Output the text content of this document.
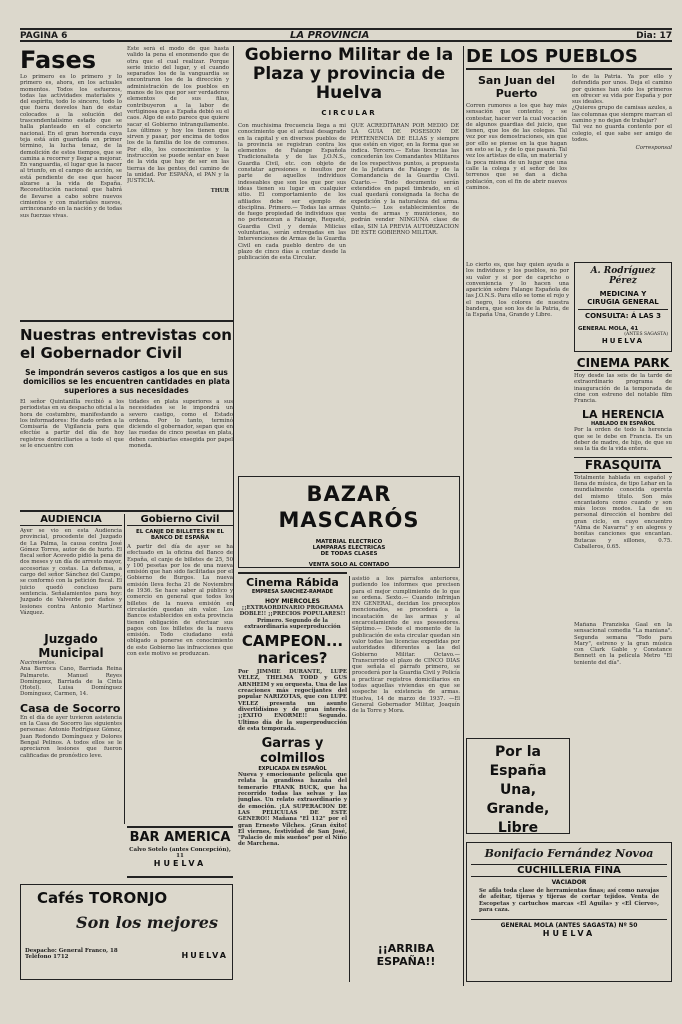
PAGINA 6	LA PROVINCIA	Dia: 17
Fases
Lo primero es lo primero y lo primero es, ahora, en los actuales momentos. Todos los esfuerzos, todas las actividades materiales y del espíritu, todo lo sincero, todo lo que fuera desvelos han de estar colocados a la solución del trascendentalísimo estado que se halla planteado en el concierto nacional. En el gran horrenda cuya teja está aún guardada en primer término, la lucha tenaz, de la demolición de estos tiempos, que se camina a recorrer y llegar a mejorar. En vanguardia, el lugar que la nacer al triunfo, en el campo de acción, se está pendiente de ese que hacer alzarse a la vida de España. Reconstitución nacional que habrá de llevarse a cabo sobre nuevos cimientos y con materiales nuevos, arrinconando en la nación y de todas sus fuerzas vivas.
Este será el modo de que hasta valido la pena el enonmendo que de otra que el cual realizar. Porque serie inicio del lugar, y el cuando separados los de la vanguardia se encontraron los de la dirección y administración de los pueblos en manos de los que por ser verdaderos elementos de sus filas, contribuyeron a la labor de vertiginosa que a España debió su el caos. Algo de esto parece que quiere sacar el Gobierno intranquilamente. Los últimos y hoy los tienen que sirven y pasar, por encima de todos los de la familia de los de comunes. Por ello, los conocimientos y la instrucción se puede sentar en base de la vida que hay de ser en las tierras de las gentes del camino de la unidad. Por ESPAÑA, el PAN y la JUSTICIA.
THUR
Gobierno Militar de la Plaza y provincia de Huelva
CIRCULAR
Con muchísima frecuencia llega a mi conocimiento que el actual desagrado en la capital y en diversos pueblos de la provincia se registran contra los elementos de Falange Española Tradicionalista y de las J.O.N.S., Guardia Civil, etc. con objeto de constatar agresiones e insultos por parte de aquellos individuos indeseables que son los que por sus ideas tienen su lugar en cualquier sitio. El comportamiento de los afiliados debe ser ejemplo de disciplina. Primero.— Todas las armas de fuego propiedad de individuos que no pertenezcan a Falange, Requeté, Guardia Civil y demás Milicias voluntarias, serán entregadas en las Intervenciones de Armas de la Guardia Civil en cada pueblo dentro de un plazo de cinco días a contar desde la publicación de esta Circular.
QUE ACREDITARAN POR MEDIO DE LA GUIA DE POSESION DE PERTENENCIA DE ELLAS y siempre que estén en vigor, en la forma que se indica. Tercero.— Estas licencias las concederán los Comandantes Militares de los respectivos puntos, a propuesta de la Jefatura de Falange y de la Comandancia de la Guardia Civil. Cuarto.— Todo documento serán extendidos en papel timbrado, en el cual quedará consignada la fecha de expedición y la naturaleza del arma. Quinto.— Los establecimientos de venta de armas y municiones, no podrán vender NINGUNA clase de ellas, SIN LA PREVIA AUTORIZACION DE ESTE GOBIERNO MILITAR.
DE LOS PUEBLOS
San Juan del Puerto
Corren rumores a los que hay más sensación que contento; y se contestar, hacer ver la cual vocación de algunos guardias del juicio, que tienen, que los de las colegas. Tal vez por sus demostraciones, sin que por ello se piense en la que hagan en esto se la, y de lo que pasará. Tal vez los artistas de ella, un material y la poca misma de un lugar que una calle la colega y el señor de los terrenos que se dan a dicha población, con el fin de abrir nuevos caminos.
lo de la Patria. Ya por ello y defendida por unos. Deja el camino por quienes han sido los primeros en ofrecer su vida por España y por sus ideales.
¿Quieres grupo de camisas azules, a las columnas que siempre marcan el camino y no dejan de trabajar?
Tal vez no guarda contento por el colegio, el que sabe ser amigo de todos.
Corresponsal
Lo cierto es, que hay quien ayuda a los individuos y los pueblos, no por su valor y si por de capricho o conveniencia y lo hacen una aparición sobre Falange Española de las J.O.N.S. Para ello se tome el rojo y el negro, los colores de nuestra bandera, que son los de la Patria, de la España Una, Grande y Libre.
A. Rodríguez Pérez
MEDICINA Y
CIRUGIA GENERAL
CONSULTA: Á LAS 3
GENERAL MOLA, 41
(ANTES SAGASTA)
HUELVA
CINEMA PARK
Hoy desde las seis de la tarde de extraordinario programa de inauguración de la temporada de cine con estreno del notable film Francia.
LA HERENCIA
HABLADO EN ESPAÑOL
Por la orden de todo la herencia que se le debe en Francia. Es un deber de madre, de hijo, de que su sea la tía de la vida entera.
FRASQUITA
Totalmente hablada en español y llena de música, de tipo Lehar en la mundialmente conocida opereta del mismo título. Son más encantadora como cuando y son más locos modos. La de su personal dirección el hombre del gran ciclo, en cuyo encuentro "Alma de Navarra" y en alegres y bonitas canciones que encantan. Butacas y sillones, 0.75. Caballeros, 0.65.
Mañana Franziska Gaal en la sensacional comedia "La maniana". Segunda semana "Todo para Mary", estreno y la gran música con Clark Gable y Constance Bennett en la película Metro "El teniente del día".
Nuestras entrevistas con el Gobernador Civil
Se impondrán severos castigos a los que en sus domicilios se les encuentren cantidades en plata superiores a sus necesidades
El señor Quintanilla recibió a los periodistas en su despacho oficial a la hora de costumbre, manifestando a los informadores: He dado orden a la Comisaría de Vigilancia para que efectúe a partir del día de hoy registros domiciliarios a todo el que se le encuentre con
tidades en plata superiores a sus necesidades se le impondrá un severo castigo, como el Estado ordena. Por lo tanto, terminó diciendo el gobernador, sepan que en las ruedas de cinco pesetas en plata, deben cambiarlas ensegida por papel moneda.
BAZAR MASCARÓS
MATERIAL ELECTRICO
LAMPARAS ELECTRICAS
DE TODAS CLASES
VENTA SOLO AL CONTADO
AUDIENCIA
Ayer se vio en esta Audiencia provincial, procedente del Juzgado de La Palma, la causa contra José Gómez Torres, autor de de hurto. El fiscal señor Acevedo pidió la pena de dos meses y un día de arresto mayor, accesorias y costas. La defensa, a cargo del señor Sánchez del Campo, se conformó con la petición fiscal. El juicio quedó concluso para sentencia. Señalamientos para hoy: Juzgado de Valverde por daños y lesiones contra Antonio Martínez Vázquez.
Juzgado Municipal
Nacimientos.
Ana Barroca Cano, Barriada Reina Palmarete. Manuel Reyes Domínguez, Barriada de la Cinta (Hotel). Luisa Domínguez Domínguez, Carmen, 14.
Casa de Socorro
En el día de ayer tuvieron asistencia en la Casa de Socorro las siguientes personas: Antonio Rodríguez Gómez, Juan Redondo Domínguez y Dolores Bengal Pelinos. A todos ellos se le apreciaron lesiones que fueron calificadas de pronóstico leve.
Gobierno Civil
EL CANJE DE BILLETES EN EL BANCO DE ESPAÑA
A partir del día de ayer se ha efectuado en la oficina del Banco de España, el canje de billetes de 25, 50 y 100 pesetas por los de una nueva emisión que han sido facilitadas por el Gobierno de Burgos. La nueva emisión lleva fecha 21 de Noviembre de 1936. Se hace saber al público y comercio en general que todos los billetes de la nueva emisión en circulación quedan sin valor. Los Bancos establecidos en esta provincia tienen obligación de efectuar sus pagos con los billetes de la nueva emisión. Todo ciudadano está obligado a ponerse en conocimiento de este Gobierno las infracciones que con este motivo se produzcan.
BAR AMERICA
Calvo Sotelo (antes Concepción), 11
HUELVA
Cafés TORONJO
Son los mejores
Despacho: General Franco, 18 Teléfono 1712	HUELVA
Cinema Rábida
EMPRESA SANCHEZ-RAMADE
HOY MIERCOLES
¡¡EXTRAORDINARIO PROGRAMA DOBLE!! ¡¡PRECIOS POPULARES!! Primero. Segundo de la extraordinaria superproducción
CAMPEON... narices?
Por JIMMIE DURANTE, LUPE VELEZ, THELMA TODD y GUS ARNHEIM y su orquesta. Una de las creaciones más regocijantes del popular NARIZOTAS, que con LUPE VELEZ presenta un asunto divertidísimo y de gran interés. ¡¡EXITO ENORME!! Segundo. Ultimo día de la superproducción de esta temporada.
Garras y colmillos
EXPLICADA EN ESPAÑOL
Nueva y emocionante película que relata la grandiosa hazaña del temerario FRANK BUCK, que ha recorrido todas las selvas y las junglas. Un relato extraordinario y de emoción. ¡LA SUPERACION DE LAS PELICULAS DE ESTE GENERO!! Mañana "El 112" por el gran Ernesto Vilches. ¡Gran éxito! El viernes, festividad de San José, "Palacio de mis sueños" por el Niño de Marchena.
asistió a los párrafos anteriores, pudiendo los informes que precisen para el mejor cumplimiento de lo que se ordena. Sexto.— Cuando infrinjan EN GENERAL, decidan los preceptos mencionados, se procederá a la incautación de las armas y al encarcelamiento de sus poseedores. Séptimo.— Desde el momento de la publicación de esta circular quedan sin valor todas las licencias expedidas por autoridades diferentes a las del Gobierno Militar. Octavo.— Transcurrido el plazo de CINCO DIAS que señala el párrafo primero, se procederá por la Guardia Civil y Policía a practicar registros domiciliarios en todas aquellas viviendas en que se sospeche la existencia de armas. Huelva, 14 de marzo de 1937. —El General Gobernador Militar, Joaquín de la Torre y Mora.
¡¡ARRIBA ESPAÑA!!
Por la España
Una, Grande,
Libre
Bonifacio Fernández Novoa
CUCHILLERIA FINA
VACIADOR
Se afila toda clase de herramientas finas; así como navajas de afeitar, tijeras y tijeras de cortar tejidos. Venta de Escopetas y cartuchos marcas «El Aguila» y «El Ciervo», para caza.
GENERAL MOLA (ANTES SAGASTA) Nº 50
HUELVA
